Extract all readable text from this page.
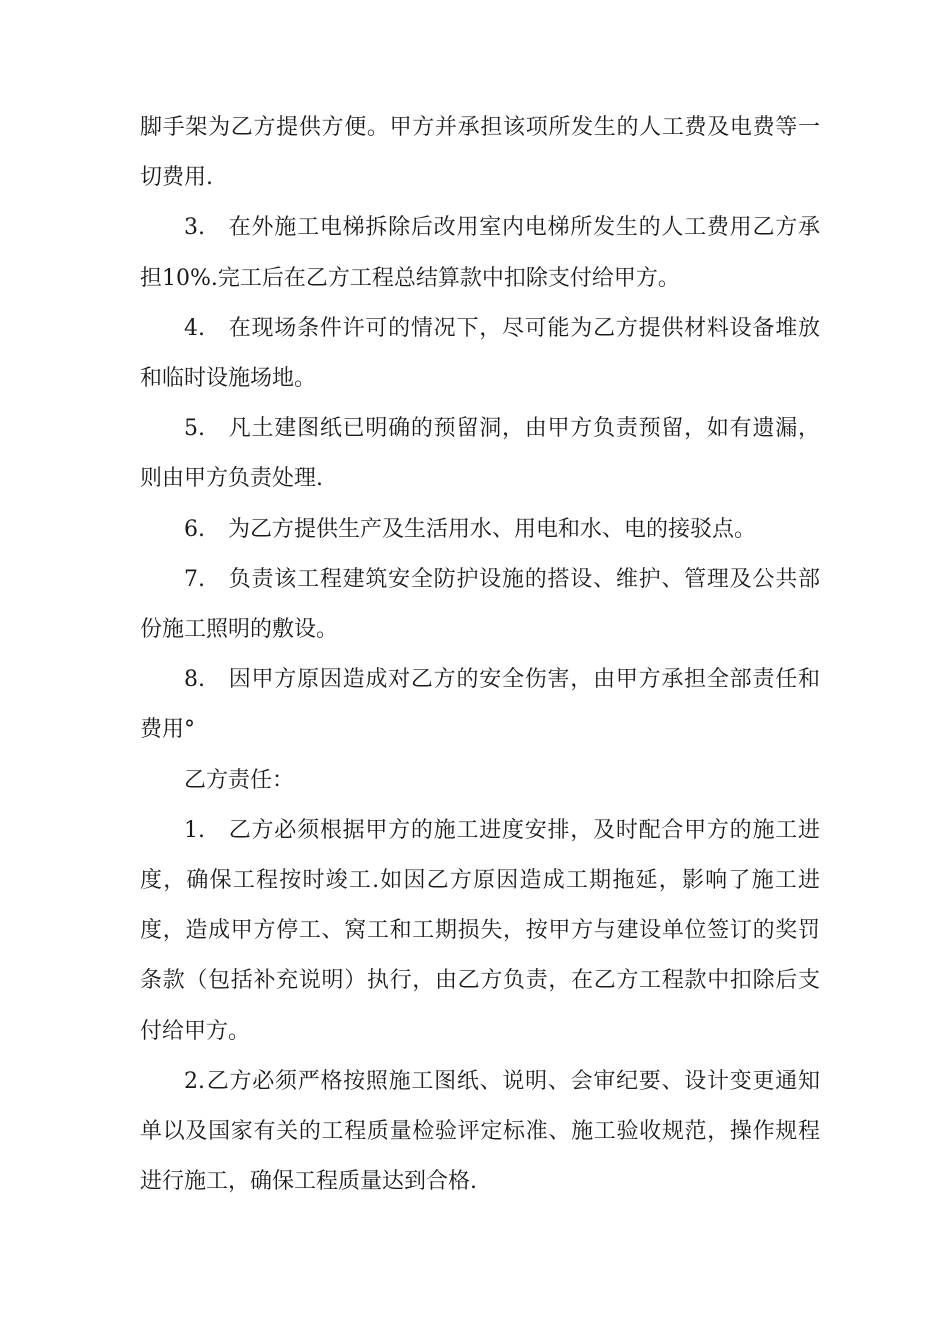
脚手架为乙方提供方便。甲方并承担该项所发生的人工费及电费等一切费用.

3. 在外施工电梯拆除后改用室内电梯所发生的人工费用乙方承担10%.完工后在乙方工程总结算款中扣除支付给甲方。

4. 在现场条件许可的情况下，尽可能为乙方提供材料设备堆放和临时设施场地。

5. 凡土建图纸已明确的预留洞，由甲方负责预留，如有遗漏，则由甲方负责处理.

6. 为乙方提供生产及生活用水、用电和水、电的接驳点。

7. 负责该工程建筑安全防护设施的搭设、维护、管理及公共部份施工照明的敷设。

8. 因甲方原因造成对乙方的安全伤害，由甲方承担全部责任和费用°

乙方责任：

1. 乙方必须根据甲方的施工进度安排，及时配合甲方的施工进度，确保工程按时竣工.如因乙方原因造成工期拖延，影响了施工进度，造成甲方停工、窝工和工期损失，按甲方与建设单位签订的奖罚条款（包括补充说明）执行，由乙方负责，在乙方工程款中扣除后支付给甲方。

2.乙方必须严格按照施工图纸、说明、会审纪要、设计变更通知单以及国家有关的工程质量检验评定标准、施工验收规范，操作规程进行施工，确保工程质量达到合格.
